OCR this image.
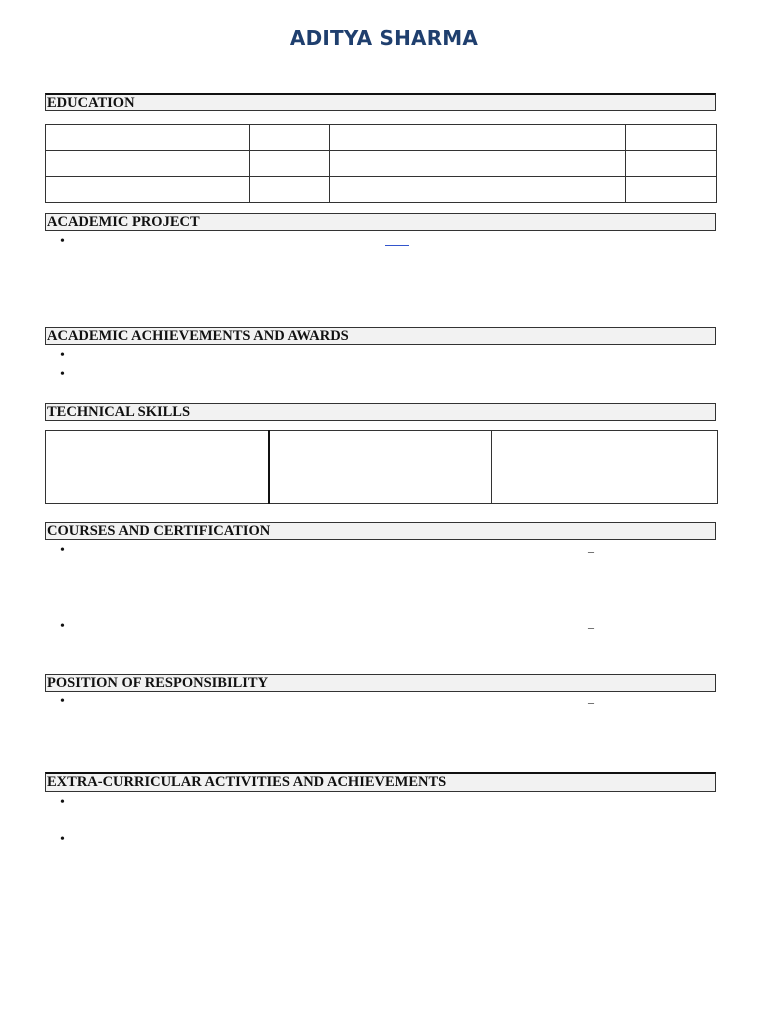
ADITYA SHARMA
EDUCATION

ACADEMIC PROJECT
•
ACADEMIC ACHIEVEMENTS AND AWARDS
•
•
TECHNICAL SKILLS

COURSES AND CERTIFICATION
•	–
•	–
POSITION OF RESPONSIBILITY
•	–
EXTRA-CURRICULAR ACTIVITIES AND ACHIEVEMENTS
•
•
